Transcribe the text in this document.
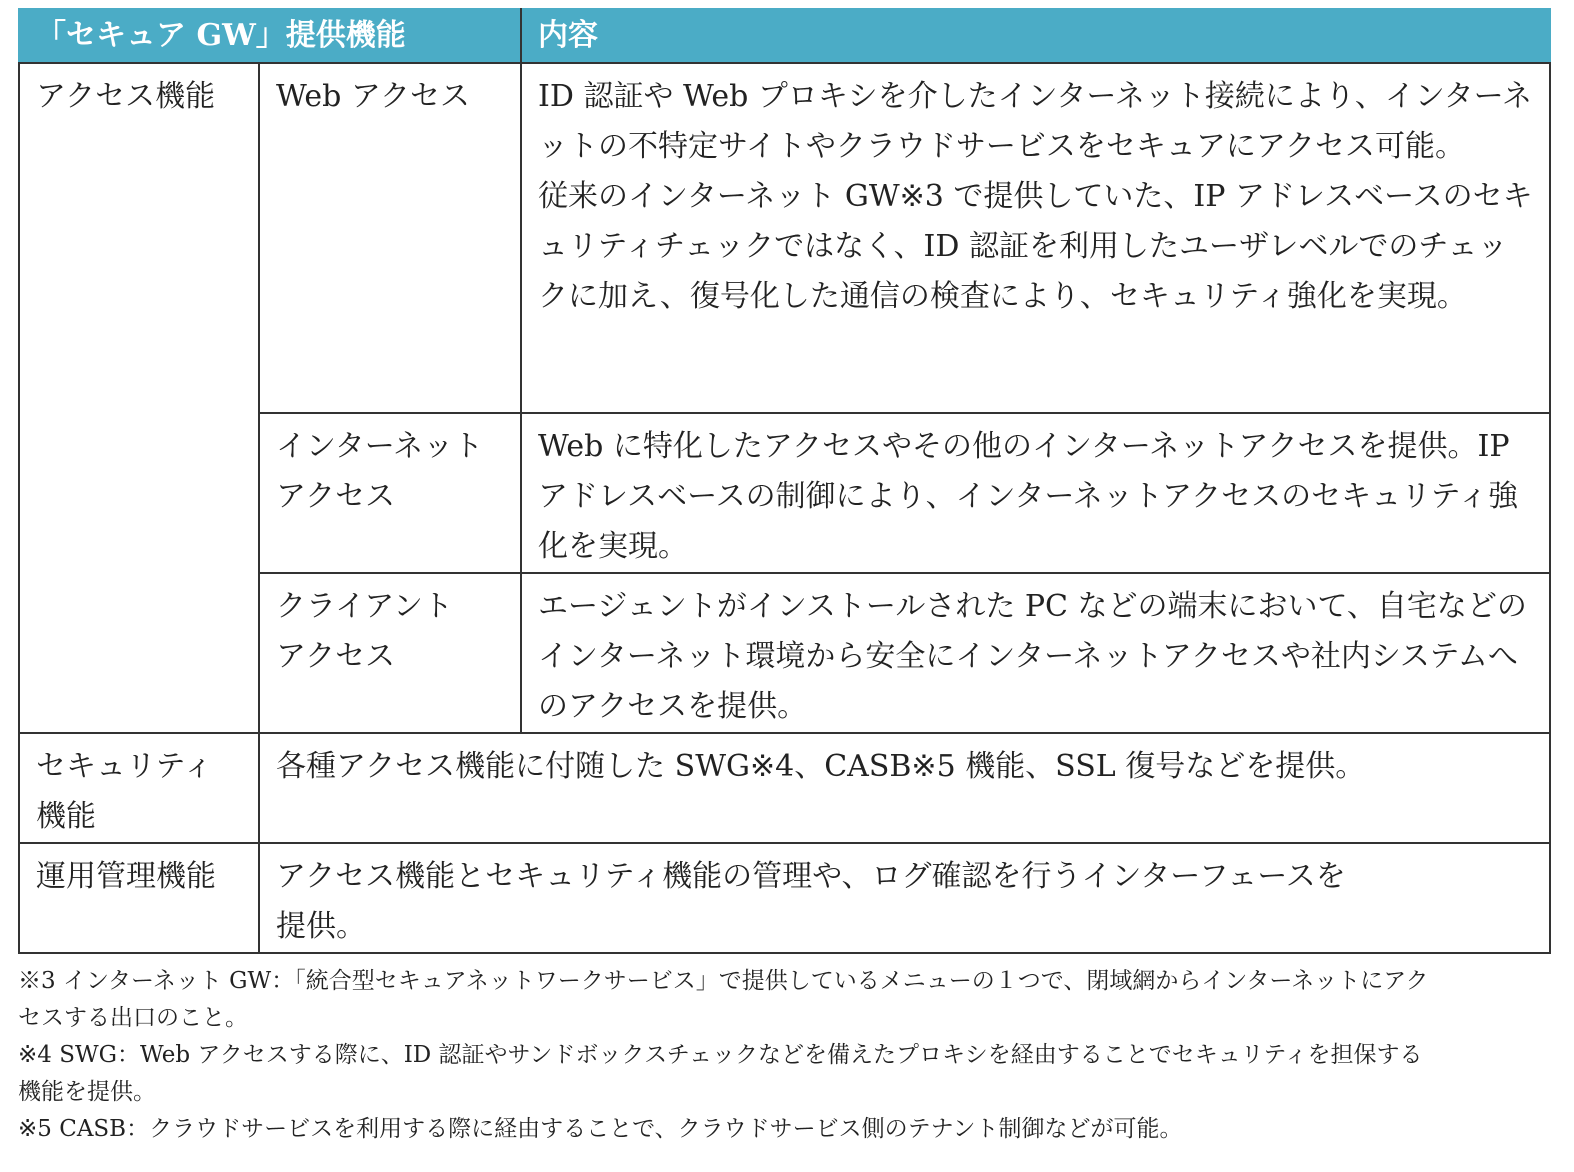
「セキュア GW」提供機能		内容
アクセス機能	Web アクセス	ID 認証や Web プロキシを介したインターネット接続により、インターネットの不特定サイトやクラウドサービスをセキュアにアクセス可能。
従来のインターネット GW※3 で提供していた、IP アドレスベースのセキュリティチェックではなく、ID 認証を利用したユーザレベルでのチェックに加え、復号化した通信の検査により、セキュリティ強化を実現。

	インターネット
アクセス	Web に特化したアクセスやその他のインターネットアクセスを提供。IP アドレスベースの制御により、インターネットアクセスのセキュリティ強化を実現。

	クライアント
アクセス	エージェントがインストールされた PC などの端末において、自宅などのインターネット環境から安全にインターネットアクセスや社内システムへのアクセスを提供。

セキュリティ
機能	各種アクセス機能に付随した SWG※4、CASB※5 機能、SSL 復号などを提供。	
運用管理機能	アクセス機能とセキュリティ機能の管理や、ログ確認を行うインターフェースを
提供。	

※3 インターネット GW：「統合型セキュアネットワークサービス」で提供しているメニューの１つで、閉域網からインターネットにアクセスする出口のこと。

※4 SWG：Web アクセスする際に、ID 認証やサンドボックスチェックなどを備えたプロキシを経由することでセキュリティを担保する機能を提供。

※5 CASB：クラウドサービスを利用する際に経由することで、クラウドサービス側のテナント制御などが可能。
